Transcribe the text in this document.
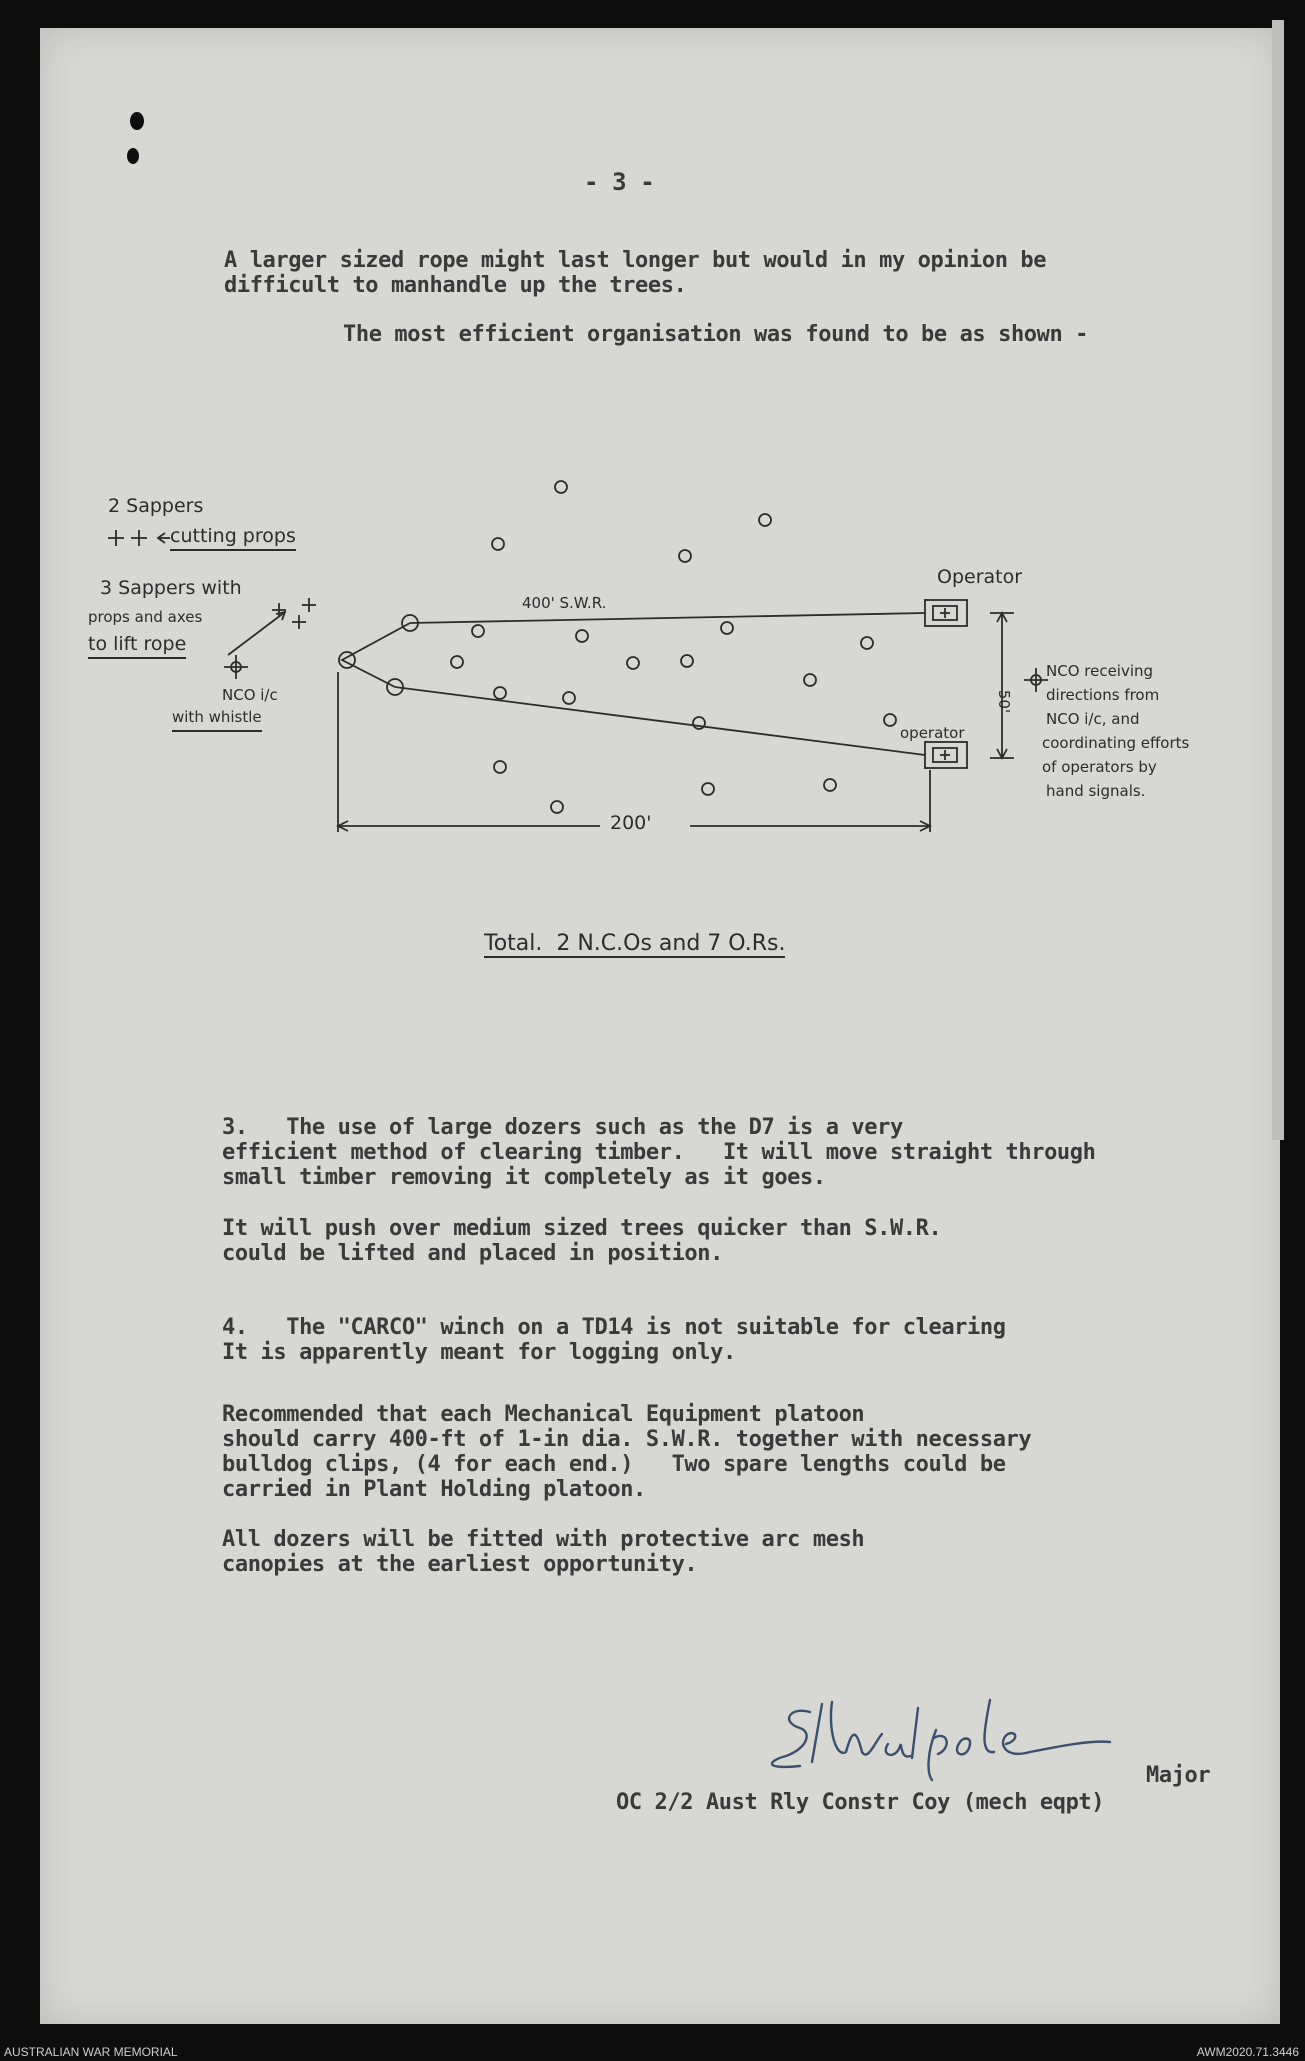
- 3 -
A larger sized rope might last longer but would in my opinion be
difficult to manhandle up the trees.
The most efficient organisation was found to be as shown -
2 Sappers
cutting props
3 Sappers with
props and axes
to lift rope
NCO i/c
with whistle
400' S.W.R.
Operator
operator
50'
200'
NCO receiving
directions from
NCO i/c, and
coordinating efforts
of operators by
hand signals.
Total.  2 N.C.Os and 7 O.Rs.
3.   The use of large dozers such as the D7 is a very
efficient method of clearing timber.   It will move straight through
small timber removing it completely as it goes.
It will push over medium sized trees quicker than S.W.R.
could be lifted and placed in position.
4.   The "CARCO" winch on a TD14 is not suitable for clearing
It is apparently meant for logging only.
Recommended that each Mechanical Equipment platoon
should carry 400-ft of 1-in dia. S.W.R. together with necessary
bulldog clips, (4 for each end.)   Two spare lengths could be
carried in Plant Holding platoon.
All dozers will be fitted with protective arc mesh
canopies at the earliest opportunity.
Major
OC 2/2 Aust Rly Constr Coy (mech eqpt)
AUSTRALIAN WAR MEMORIAL	AWM2020.71.3446
